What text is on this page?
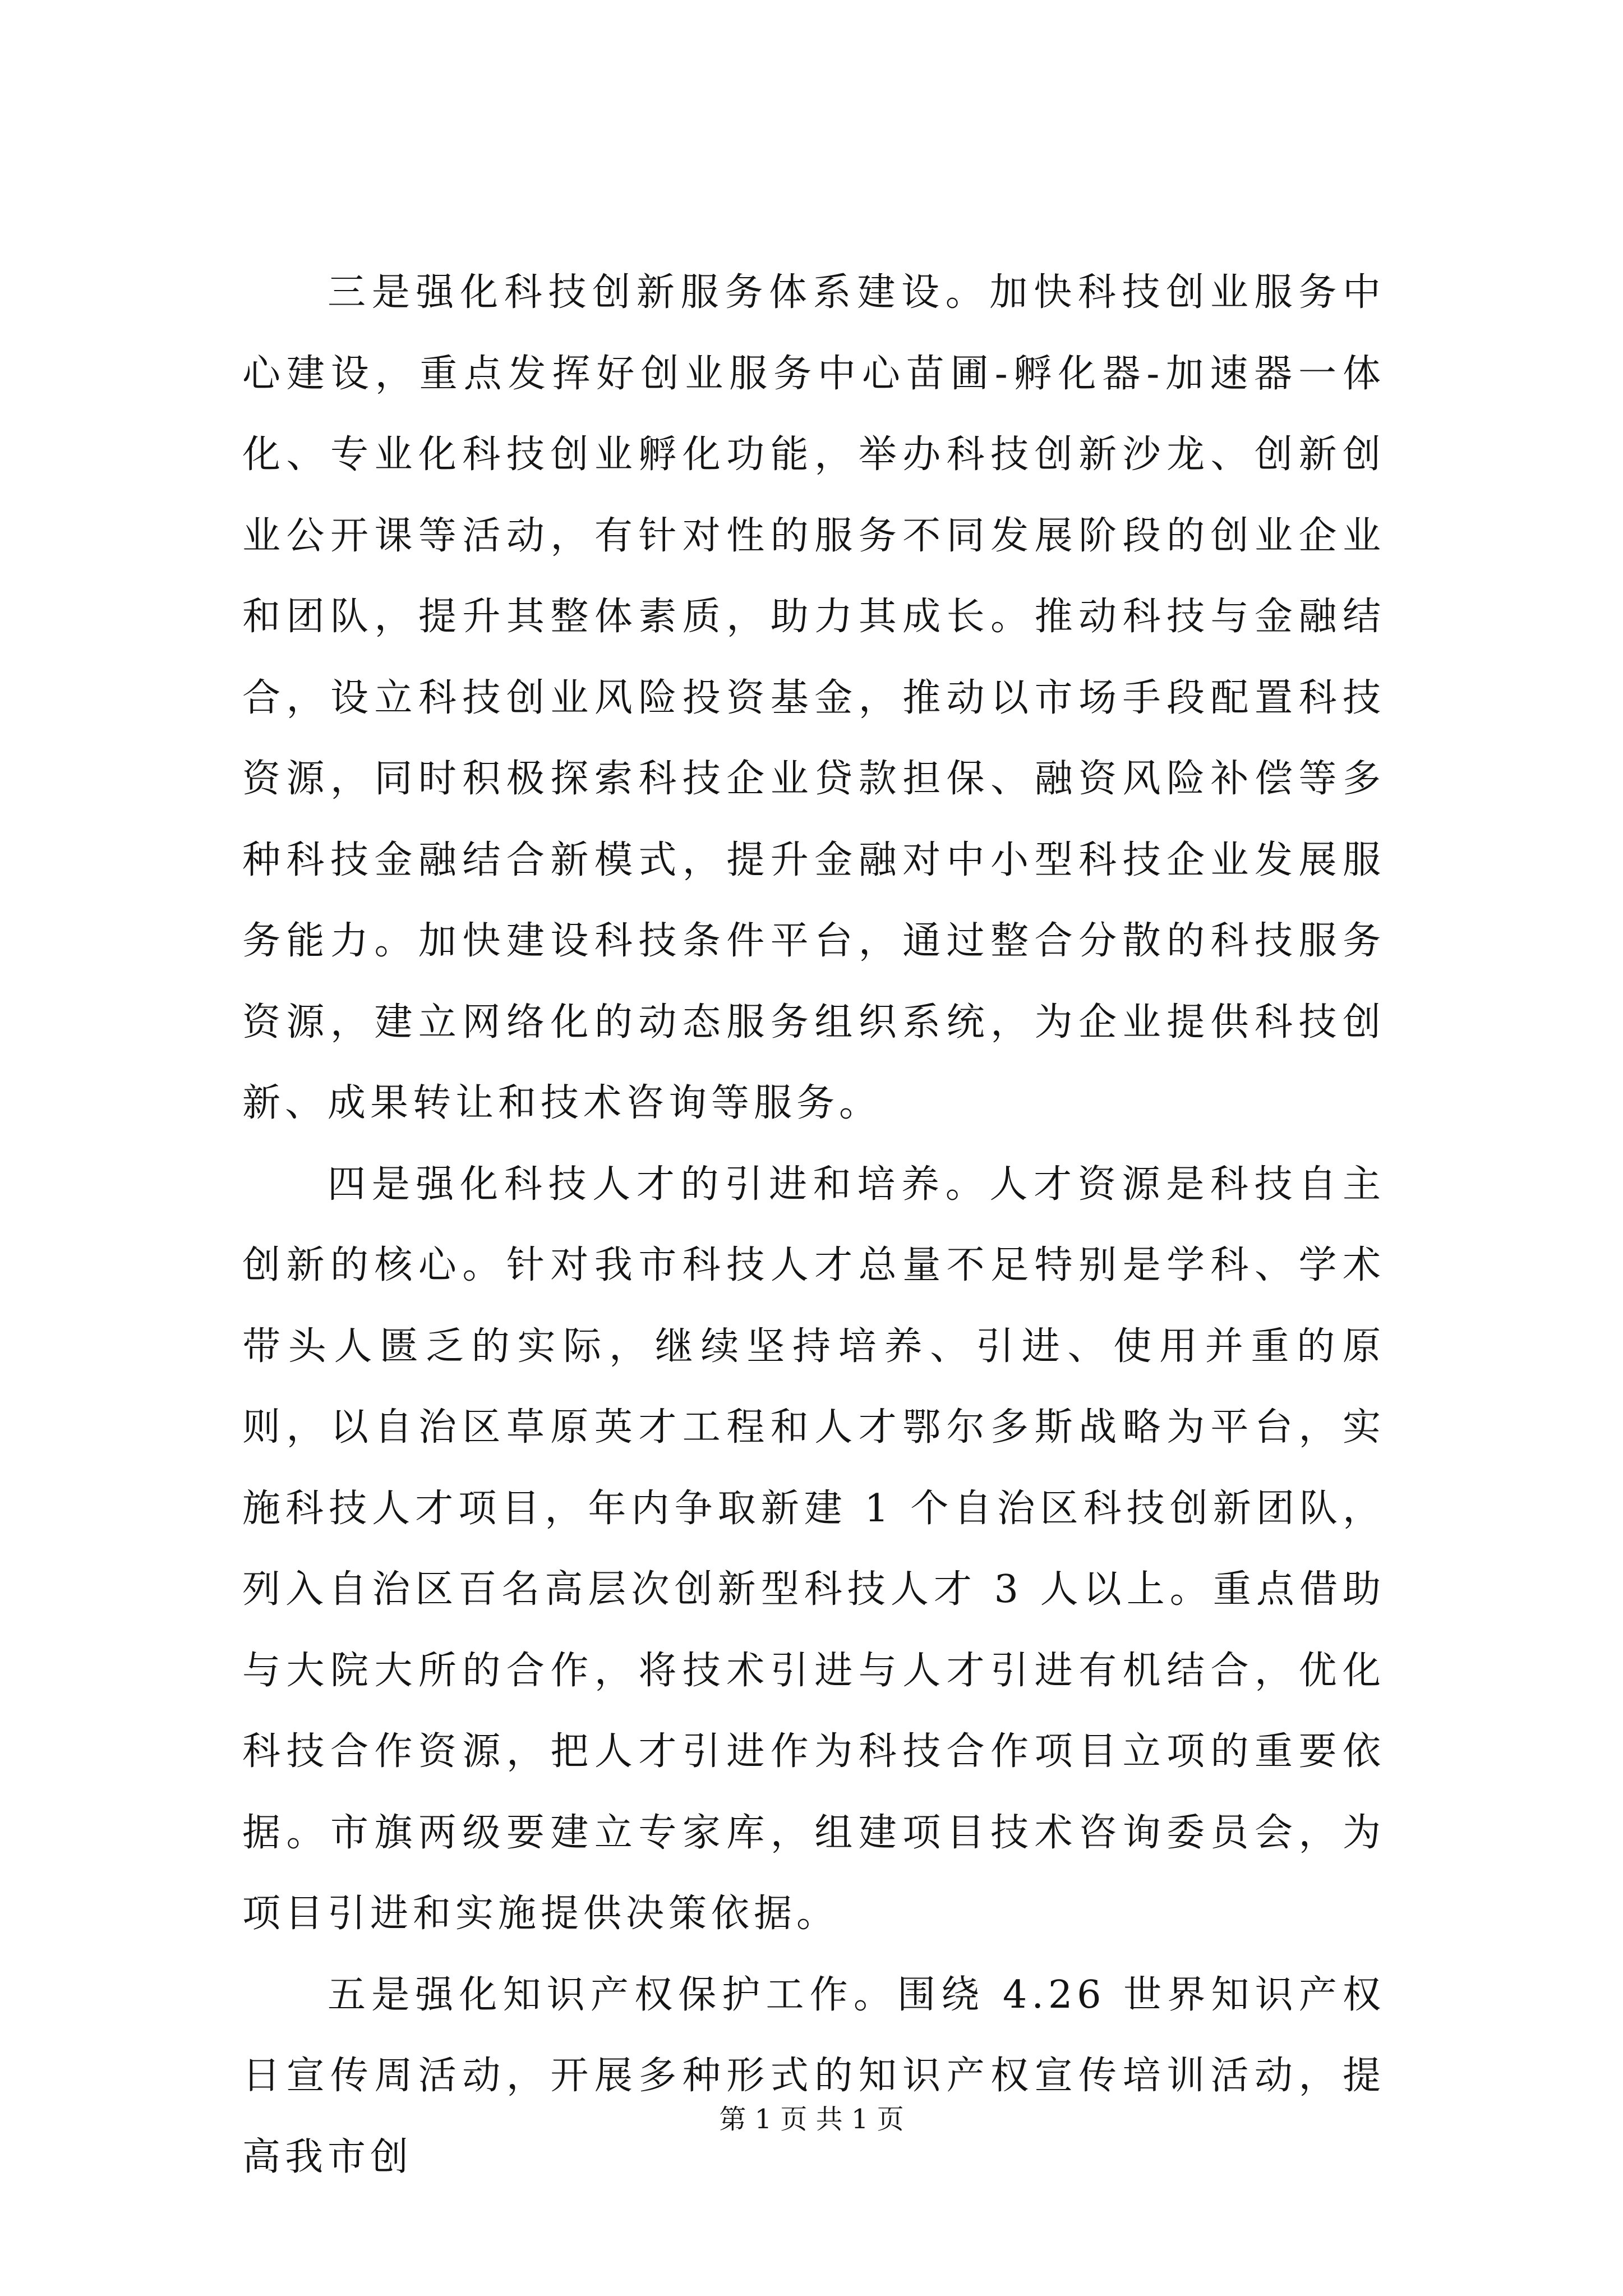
三是强化科技创新服务体系建设。加快科技创业服务中心建设，重点发挥好创业服务中心苗圃-孵化器-加速器一体化、专业化科技创业孵化功能，举办科技创新沙龙、创新创业公开课等活动，有针对性的服务不同发展阶段的创业企业和团队，提升其整体素质，助力其成长。推动科技与金融结合，设立科技创业风险投资基金，推动以市场手段配置科技资源，同时积极探索科技企业贷款担保、融资风险补偿等多种科技金融结合新模式，提升金融对中小型科技企业发展服务能力。加快建设科技条件平台，通过整合分散的科技服务资源，建立网络化的动态服务组织系统，为企业提供科技创新、成果转让和技术咨询等服务。

四是强化科技人才的引进和培养。人才资源是科技自主创新的核心。针对我市科技人才总量不足特别是学科、学术带头人匮乏的实际，继续坚持培养、引进、使用并重的原则，以自治区草原英才工程和人才鄂尔多斯战略为平台，实施科技人才项目，年内争取新建 1 个自治区科技创新团队，列入自治区百名高层次创新型科技人才 3 人以上。重点借助与大院大所的合作，将技术引进与人才引进有机结合，优化科技合作资源，把人才引进作为科技合作项目立项的重要依据。市旗两级要建立专家库，组建项目技术咨询委员会，为项目引进和实施提供决策依据。

五是强化知识产权保护工作。围绕 4.26 世界知识产权日宣传周活动，开展多种形式的知识产权宣传培训活动，提高我市创

第 1 页 共 1 页
